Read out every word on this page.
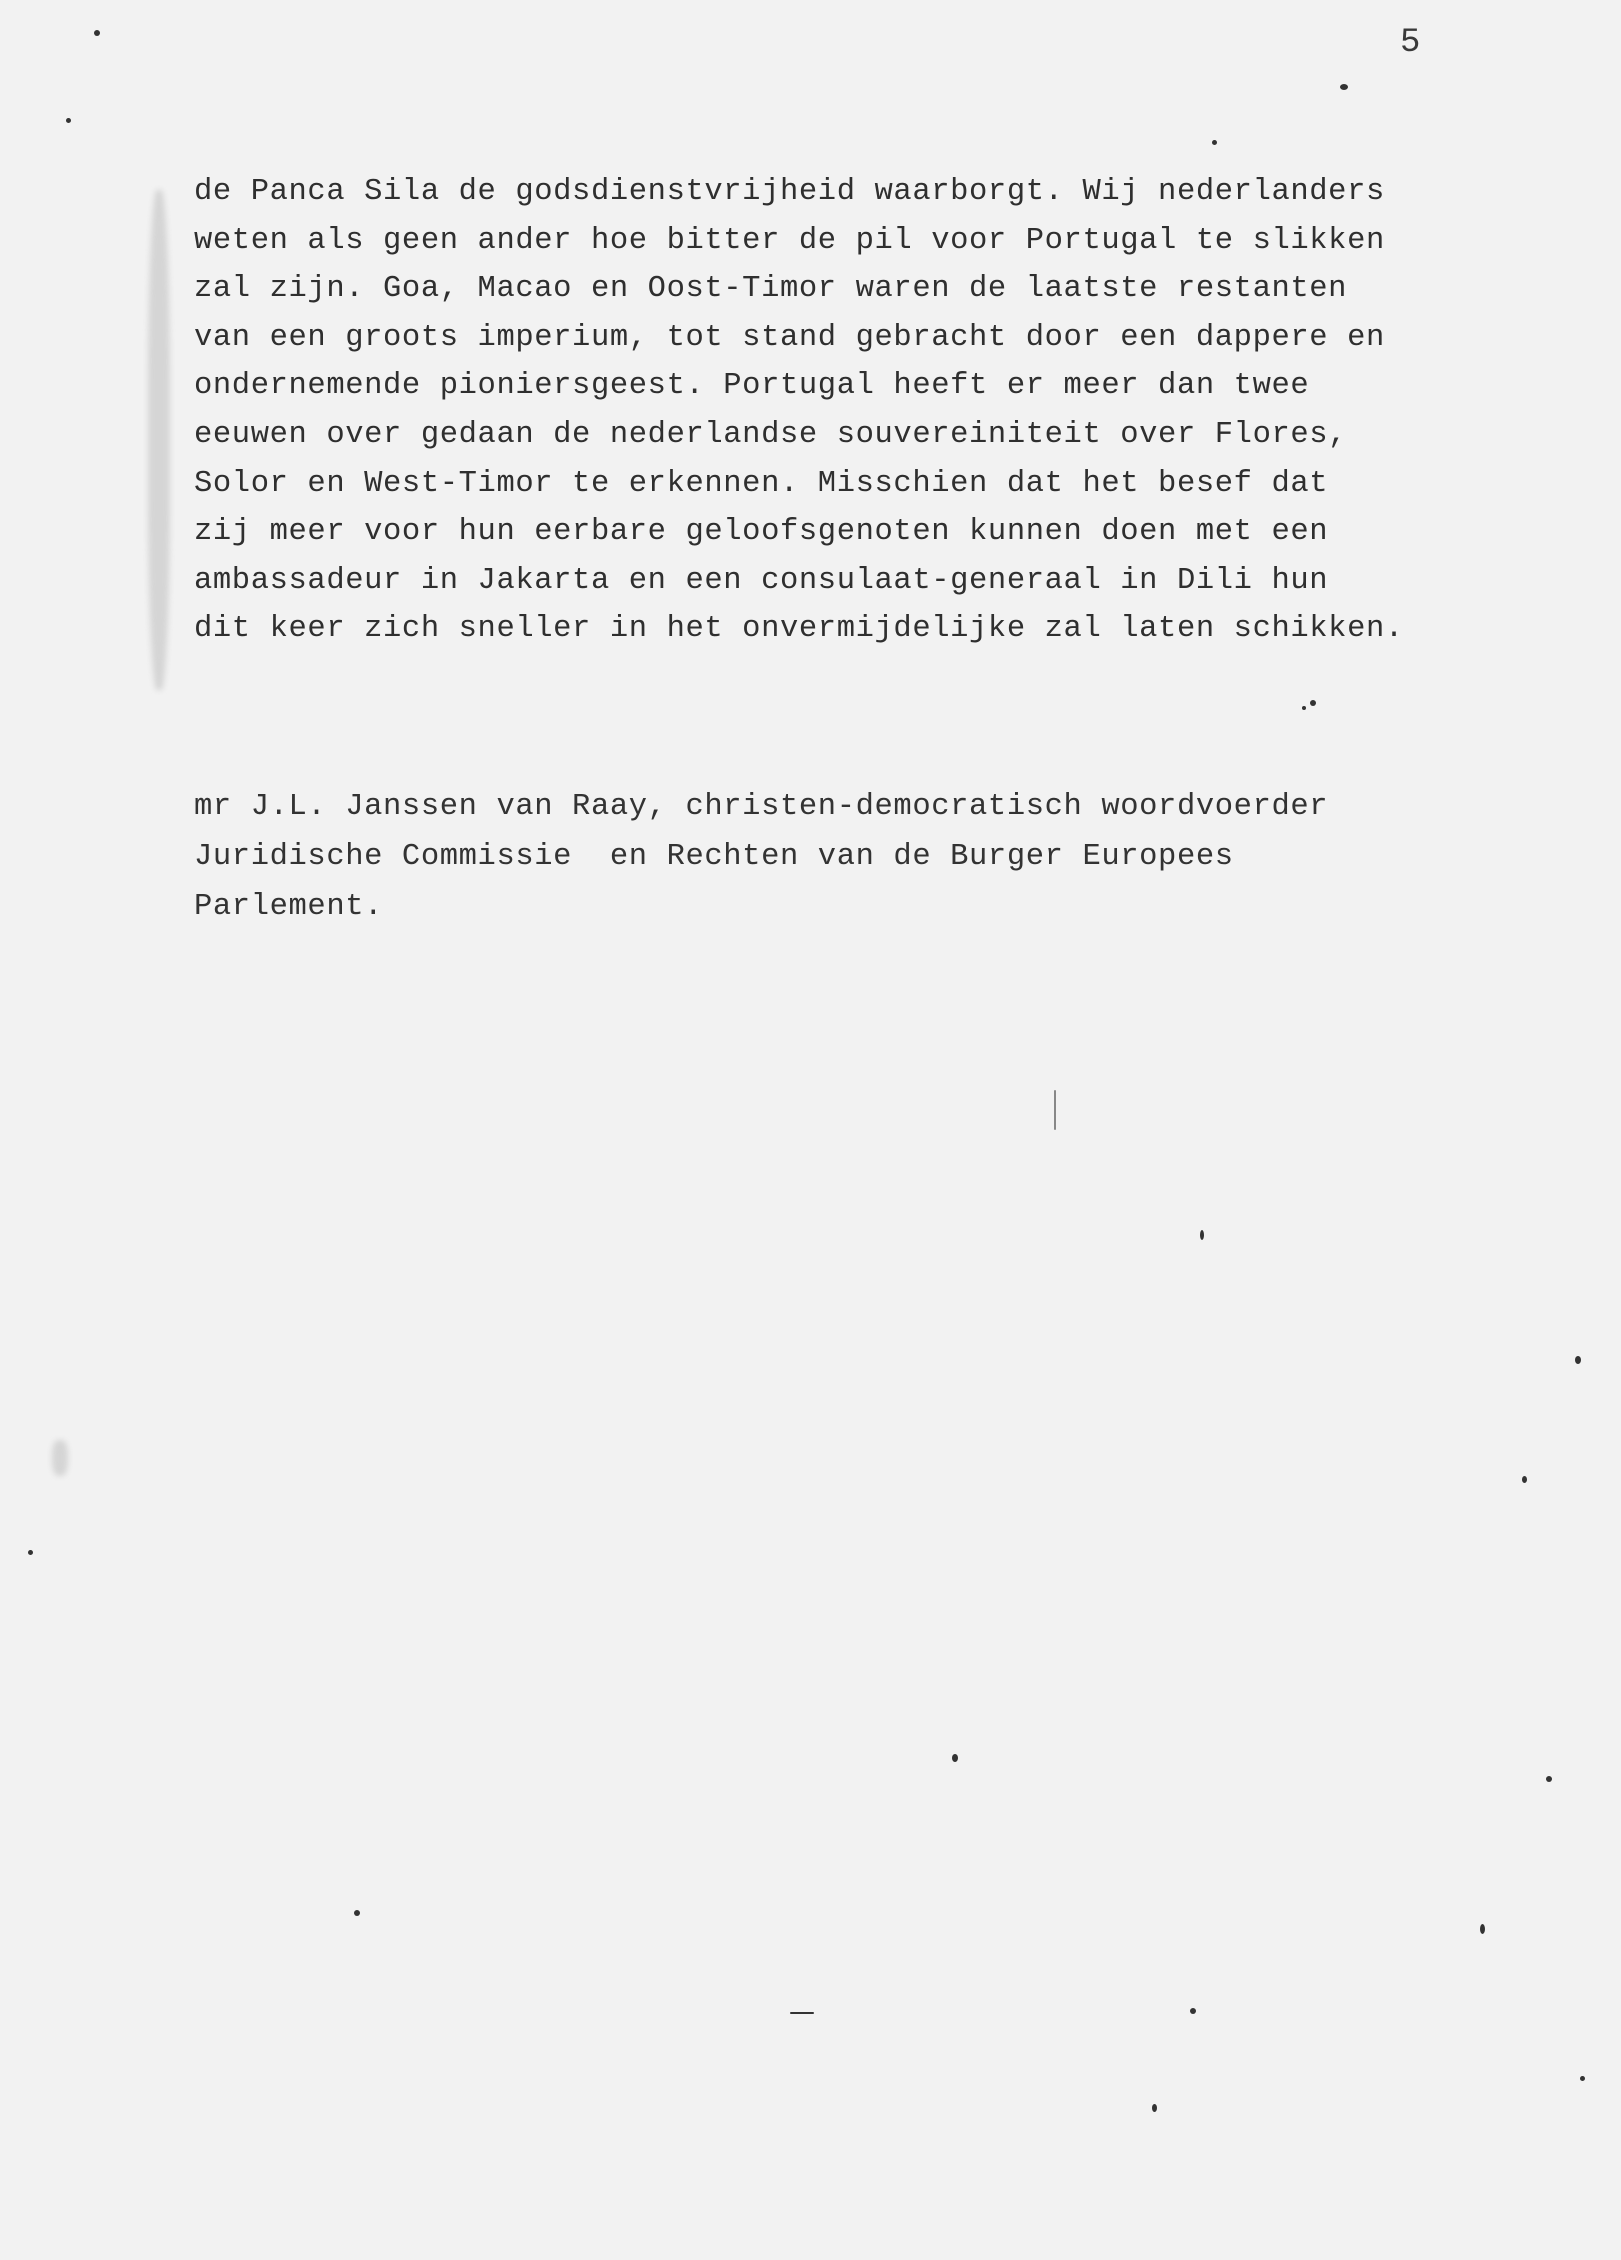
5
de Panca Sila de godsdienstvrijheid waarborgt. Wij nederlanders
weten als geen ander hoe bitter de pil voor Portugal te slikken
zal zijn. Goa, Macao en Oost-Timor waren de laatste restanten
van een groots imperium, tot stand gebracht door een dappere en
ondernemende pioniersgeest. Portugal heeft er meer dan twee
eeuwen over gedaan de nederlandse souvereiniteit over Flores,
Solor en West-Timor te erkennen. Misschien dat het besef dat
zij meer voor hun eerbare geloofsgenoten kunnen doen met een
ambassadeur in Jakarta en een consulaat-generaal in Dili hun
dit keer zich sneller in het onvermijdelijke zal laten schikken.
mr J.L. Janssen van Raay, christen-democratisch woordvoerder
Juridische Commissie  en Rechten van de Burger Europees
Parlement.
